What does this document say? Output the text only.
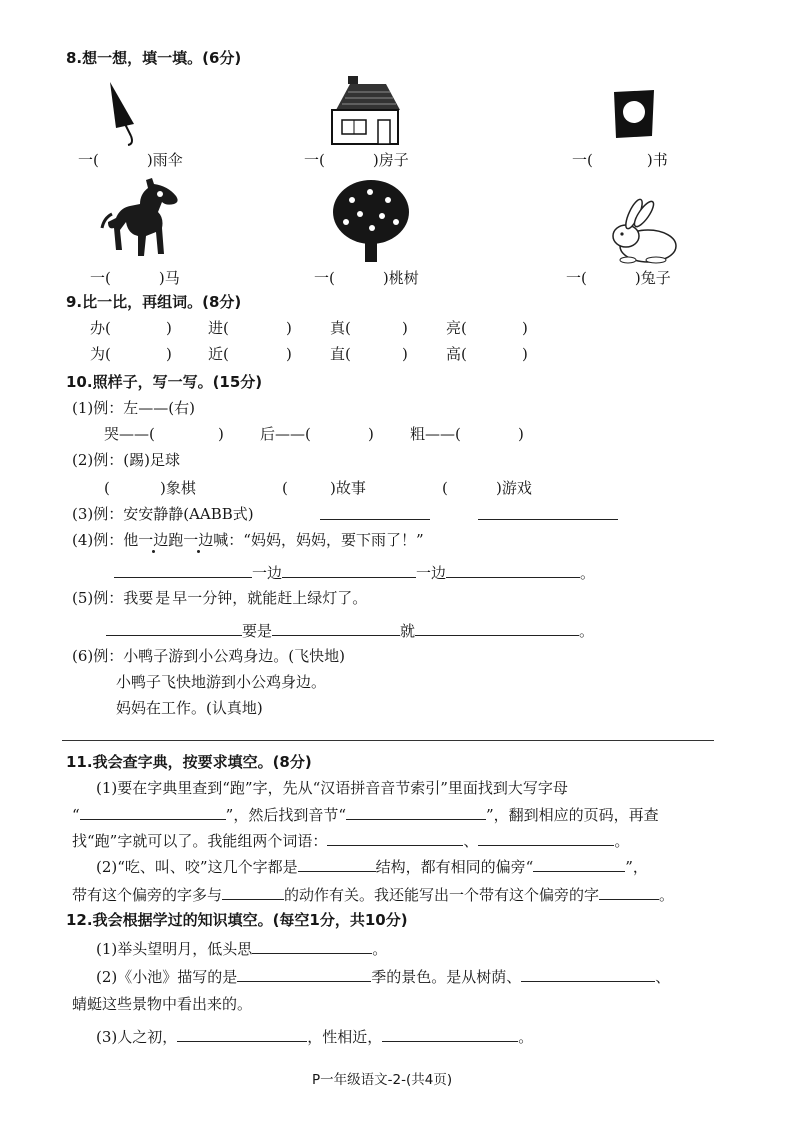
8.想一想，填一填。(6分)
一(	)雨伞	一(	)房子	一(	)书
一(	)马	一(	)桃树	一(	)兔子
9.比一比，再组词。(8分)
办(	) 进(	)	真(	)	亮(	)
为(	) 近(	)	直(	)	高(	)
10.照样子，写一写。(15分)
(1)例：左——(右)
哭——(	) 后——(	) 粗——(	)
(2)例：(踢)足球
(	)象棋	(	)故事	(	)游戏
(3)例：安安静静(AABB式)
(4)例：他一边跑一边喊：“妈妈，妈妈，要下雨了！”
一边	一边	。
(5)例：我要是早一分钟，就能赶上绿灯了。
要是	就	。
(6)例：小鸭子游到小公鸡身边。(飞快地)
小鸭子飞快地游到小公鸡身边。
妈妈在工作。(认真地)
11.我会查字典，按要求填空。(8分)
(1)要在字典里查到“跑”字，先从“汉语拼音音节索引”里面找到大写字母
“	”，然后找到音节“	”，翻到相应的页码，再查
找“跑”字就可以了。我能组两个词语：	、	。
(2)“吃、叫、咬”这几个字都是	结构，都有相同的偏旁“	”，
带有这个偏旁的字多与	的动作有关。我还能写出一个带有这个偏旁的字	。
12.我会根据学过的知识填空。(每空1分，共10分)
(1)举头望明月，低头思	。
(2)《小池》描写的是	季的景色。是从树荫、	、
蜻蜓这些景物中看出来的。
(3)人之初，	，性相近，	。
P一年级语文-2-(共4页)
